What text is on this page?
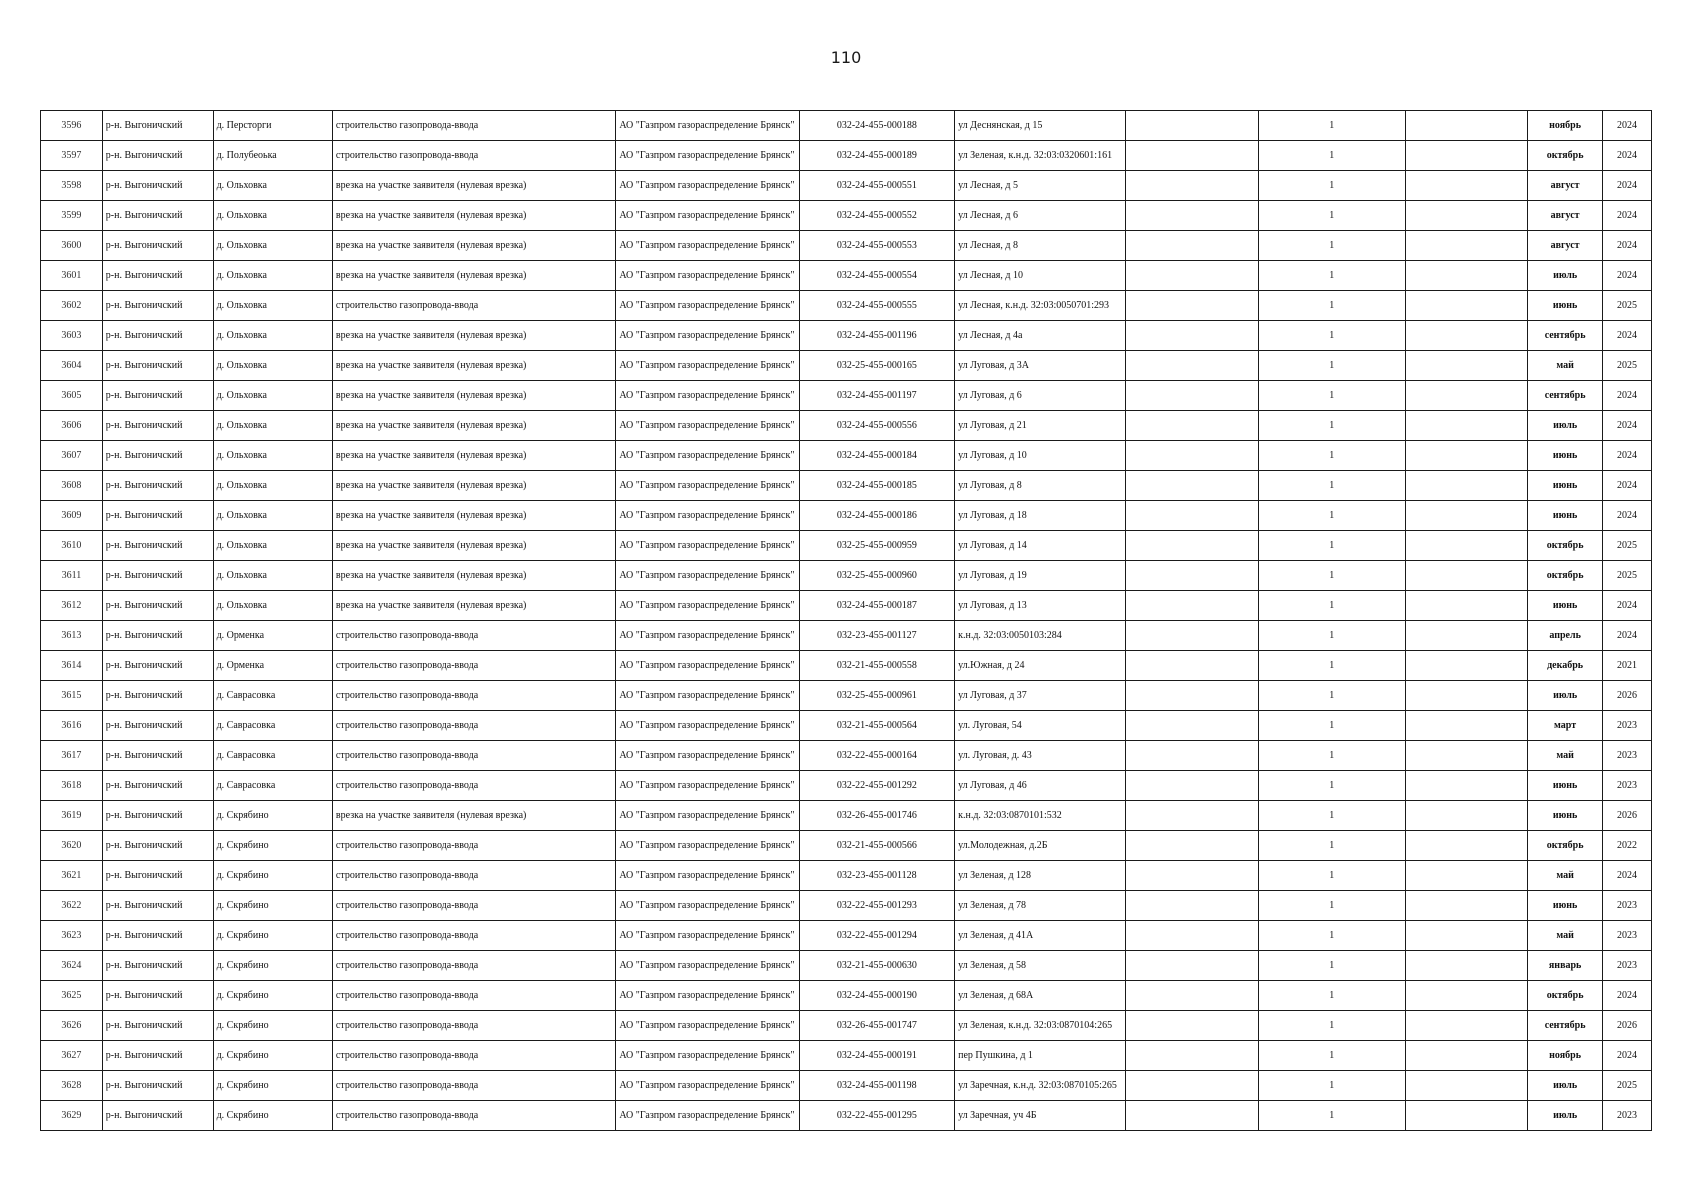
110
3596	р-н. Выгоничский	д. Персторги	строительство газопровода-ввода	АО "Газпром газораспределение Брянск"	032-24-455-000188	ул Деснянская, д 15		1		ноябрь	2024
3597	р-н. Выгоничский	д. Полубеоька	строительство газопровода-ввода	АО "Газпром газораспределение Брянск"	032-24-455-000189	ул Зеленая, к.н.д. 32:03:0320601:161		1		октябрь	2024
3598	р-н. Выгоничский	д. Ольховка	врезка на участке заявителя (нулевая врезка)	АО "Газпром газораспределение Брянск"	032-24-455-000551	ул Лесная, д 5		1		август	2024
3599	р-н. Выгоничский	д. Ольховка	врезка на участке заявителя (нулевая врезка)	АО "Газпром газораспределение Брянск"	032-24-455-000552	ул Лесная, д 6		1		август	2024
3600	р-н. Выгоничский	д. Ольховка	врезка на участке заявителя (нулевая врезка)	АО "Газпром газораспределение Брянск"	032-24-455-000553	ул Лесная, д 8		1		август	2024
3601	р-н. Выгоничский	д. Ольховка	врезка на участке заявителя (нулевая врезка)	АО "Газпром газораспределение Брянск"	032-24-455-000554	ул Лесная, д 10		1		июль	2024
3602	р-н. Выгоничский	д. Ольховка	строительство газопровода-ввода	АО "Газпром газораспределение Брянск"	032-24-455-000555	ул Лесная, к.н.д. 32:03:0050701:293		1		июнь	2025
3603	р-н. Выгоничский	д. Ольховка	врезка на участке заявителя (нулевая врезка)	АО "Газпром газораспределение Брянск"	032-24-455-001196	ул Лесная, д 4а		1		сентябрь	2024
3604	р-н. Выгоничский	д. Ольховка	врезка на участке заявителя (нулевая врезка)	АО "Газпром газораспределение Брянск"	032-25-455-000165	ул Луговая, д 3А		1		май	2025
3605	р-н. Выгоничский	д. Ольховка	врезка на участке заявителя (нулевая врезка)	АО "Газпром газораспределение Брянск"	032-24-455-001197	ул Луговая, д 6		1		сентябрь	2024
3606	р-н. Выгоничский	д. Ольховка	врезка на участке заявителя (нулевая врезка)	АО "Газпром газораспределение Брянск"	032-24-455-000556	ул Луговая, д 21		1		июль	2024
3607	р-н. Выгоничский	д. Ольховка	врезка на участке заявителя (нулевая врезка)	АО "Газпром газораспределение Брянск"	032-24-455-000184	ул Луговая, д 10		1		июнь	2024
3608	р-н. Выгоничский	д. Ольховка	врезка на участке заявителя (нулевая врезка)	АО "Газпром газораспределение Брянск"	032-24-455-000185	ул Луговая, д 8		1		июнь	2024
3609	р-н. Выгоничский	д. Ольховка	врезка на участке заявителя (нулевая врезка)	АО "Газпром газораспределение Брянск"	032-24-455-000186	ул Луговая, д 18		1		июнь	2024
3610	р-н. Выгоничский	д. Ольховка	врезка на участке заявителя (нулевая врезка)	АО "Газпром газораспределение Брянск"	032-25-455-000959	ул Луговая, д 14		1		октябрь	2025
3611	р-н. Выгоничский	д. Ольховка	врезка на участке заявителя (нулевая врезка)	АО "Газпром газораспределение Брянск"	032-25-455-000960	ул Луговая, д 19		1		октябрь	2025
3612	р-н. Выгоничский	д. Ольховка	врезка на участке заявителя (нулевая врезка)	АО "Газпром газораспределение Брянск"	032-24-455-000187	ул Луговая, д 13		1		июнь	2024
3613	р-н. Выгоничский	д. Орменка	строительство газопровода-ввода	АО "Газпром газораспределение Брянск"	032-23-455-001127	к.н.д. 32:03:0050103:284		1		апрель	2024
3614	р-н. Выгоничский	д. Орменка	строительство газопровода-ввода	АО "Газпром газораспределение Брянск"	032-21-455-000558	ул.Южная, д 24		1		декабрь	2021
3615	р-н. Выгоничский	д. Савраcовка	строительство газопровода-ввода	АО "Газпром газораспределение Брянск"	032-25-455-000961	ул Луговая, д 37		1		июль	2026
3616	р-н. Выгоничский	д. Савраcовка	строительство газопровода-ввода	АО "Газпром газораспределение Брянск"	032-21-455-000564	ул. Луговая, 54		1		март	2023
3617	р-н. Выгоничский	д. Савраcовка	строительство газопровода-ввода	АО "Газпром газораспределение Брянск"	032-22-455-000164	ул. Луговая, д. 43		1		май	2023
3618	р-н. Выгоничский	д. Савраcовка	строительство газопровода-ввода	АО "Газпром газораспределение Брянск"	032-22-455-001292	ул Луговая, д 46		1		июнь	2023
3619	р-н. Выгоничский	д. Скрябино	врезка на участке заявителя (нулевая врезка)	АО "Газпром газораспределение Брянск"	032-26-455-001746	к.н.д. 32:03:0870101:532		1		июнь	2026
3620	р-н. Выгоничский	д. Скрябино	строительство газопровода-ввода	АО "Газпром газораспределение Брянск"	032-21-455-000566	ул.Молодежная, д.2Б		1		октябрь	2022
3621	р-н. Выгоничский	д. Скрябино	строительство газопровода-ввода	АО "Газпром газораспределение Брянск"	032-23-455-001128	ул Зеленая, д 128		1		май	2024
3622	р-н. Выгоничский	д. Скрябино	строительство газопровода-ввода	АО "Газпром газораспределение Брянск"	032-22-455-001293	ул Зеленая, д 78		1		июнь	2023
3623	р-н. Выгоничский	д. Скрябино	строительство газопровода-ввода	АО "Газпром газораспределение Брянск"	032-22-455-001294	ул Зеленая, д 41А		1		май	2023
3624	р-н. Выгоничский	д. Скрябино	строительство газопровода-ввода	АО "Газпром газораспределение Брянск"	032-21-455-000630	ул Зеленая, д 58		1		январь	2023
3625	р-н. Выгоничский	д. Скрябино	строительство газопровода-ввода	АО "Газпром газораспределение Брянск"	032-24-455-000190	ул Зеленая, д 68А		1		октябрь	2024
3626	р-н. Выгоничский	д. Скрябино	строительство газопровода-ввода	АО "Газпром газораспределение Брянск"	032-26-455-001747	ул Зеленая, к.н.д. 32:03:0870104:265		1		сентябрь	2026
3627	р-н. Выгоничский	д. Скрябино	строительство газопровода-ввода	АО "Газпром газораспределение Брянск"	032-24-455-000191	пер Пушкина, д 1		1		ноябрь	2024
3628	р-н. Выгоничский	д. Скрябино	строительство газопровода-ввода	АО "Газпром газораспределение Брянск"	032-24-455-001198	ул Заречная, к.н.д. 32:03:0870105:265		1		июль	2025
3629	р-н. Выгоничский	д. Скрябино	строительство газопровода-ввода	АО "Газпром газораспределение Брянск"	032-22-455-001295	ул Заречная, уч 4Б		1		июль	2023
